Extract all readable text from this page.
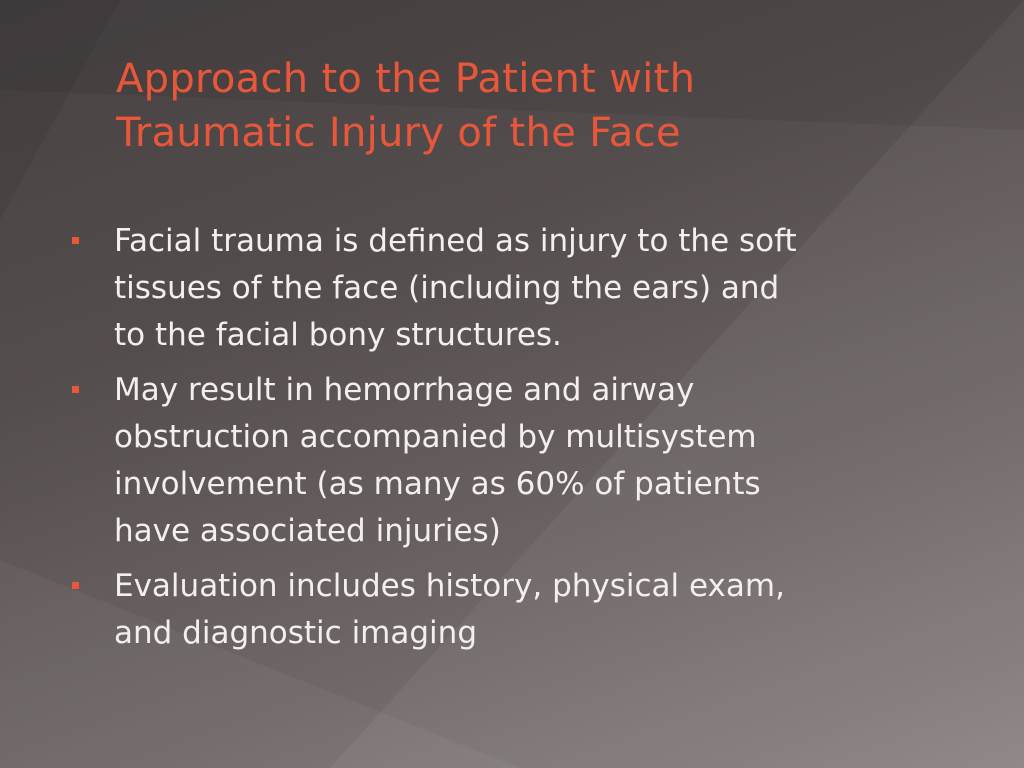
Approach to the Patient with
Traumatic Injury of the Face
Facial trauma is defined as injury to the soft
tissues of the face (including the ears) and
to the facial bony structures.
May result in hemorrhage and airway
obstruction accompanied by multisystem
involvement (as many as 60% of patients
have associated injuries)
Evaluation includes history, physical exam,
and diagnostic imaging
